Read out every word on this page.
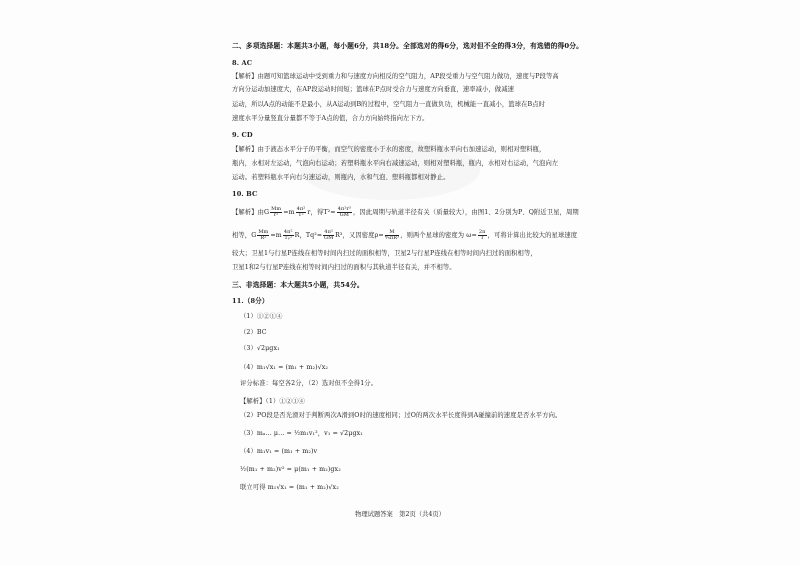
二、多项选择题：本题共3小题，每小题6分，共18分。全部选对的得6分，选对但不全的得3分，有选错的得0分。
8. AC
【解析】由题可知篮球运动中受到重力和与速度方向相反的空气阻力，AP段受重力与空气阻力做功，速度与P段等高
方向分运动加速度大，在AP段运动时间短；篮球在P点时受合力与速度方向垂直，速率减小，做减速
运动，所以A点的动能不是最小，从A运动到B的过程中，空气阻力一直做负功，机械能一直减小，篮球在B点时
速度水平分量竖直分量都不等于A点的值，合力方向始终指向左下方。
9. CD
【解析】由于液态水平分子的平衡，而空气的密度小于水的密度，故塑料瓶水平向右加速运动，则相对塑料瓶，
瓶内，水相对左运动，气泡向右运动；若塑料瓶水平向右减速运动，则相对塑料瓶，瓶内，水相对右运动，气泡向左
运动。若塑料瓶水平向右匀速运动，则瓶内，水和气泡、塑料瓶都相对静止。
10. BC
【解析】由G $\frac{Mm}{\text{r²}} =m \frac{\text{4π²}}{\text{T²}}$ r，得$T^2= \frac{\text{4π²r³}}{GM}$ ，因此周期与轨道半径有关（质量较大），由图1、2分别为P、Q附近卫星，周期
相等，G $\frac{Mm}{\text{R²}} =m \frac{\text{4π²}}{\text{Tₚ²}}$ R，$Tq^2= \frac{\text{4π²}}{GM} R^3$，又因密度$\rho= \frac{M}{\text{⁴⁄₃πR³}}$ ，则两个星球的密度为 $\omega= \frac{2\pi}{T}$ ，可将计算出比较大的星球速度
较大；卫星1与行星P连线在相等时间内扫过的面积相等，卫星2与行星P连线在相等时间内扫过的面积相等，
卫星1和2与行星P连线在相等时间内扫过的面积与其轨道半径有关，并不相等。
三、非选择题：本大题共5小题，共54分。
11.（8分）
（1）①②①④
（2）BC
（3）√2μgx₁
（4）m₁√x₁ = (m₁ + m₂)√x₂
评分标准：每空各2分，（2）选对但不全得1分。
【解析】（1）①②①④
（2）PO段是否光滑对于判断两次A滑到O时的速度相同；过O的两次水平长度得到A碰撞前的速度是否水平方向。
（3）mₐ... μ... = ½m₁v₁²，v₁ = √2μgx₁
（4）m₁v₁ = (m₁ + m₂)v
½(m₁ + m₂)v² = μ(m₁ + m₂)gx₂
联立可得 m₁√x₁ = (m₁ + m₂)√x₂
物理试题答案　第2页（共4页）
